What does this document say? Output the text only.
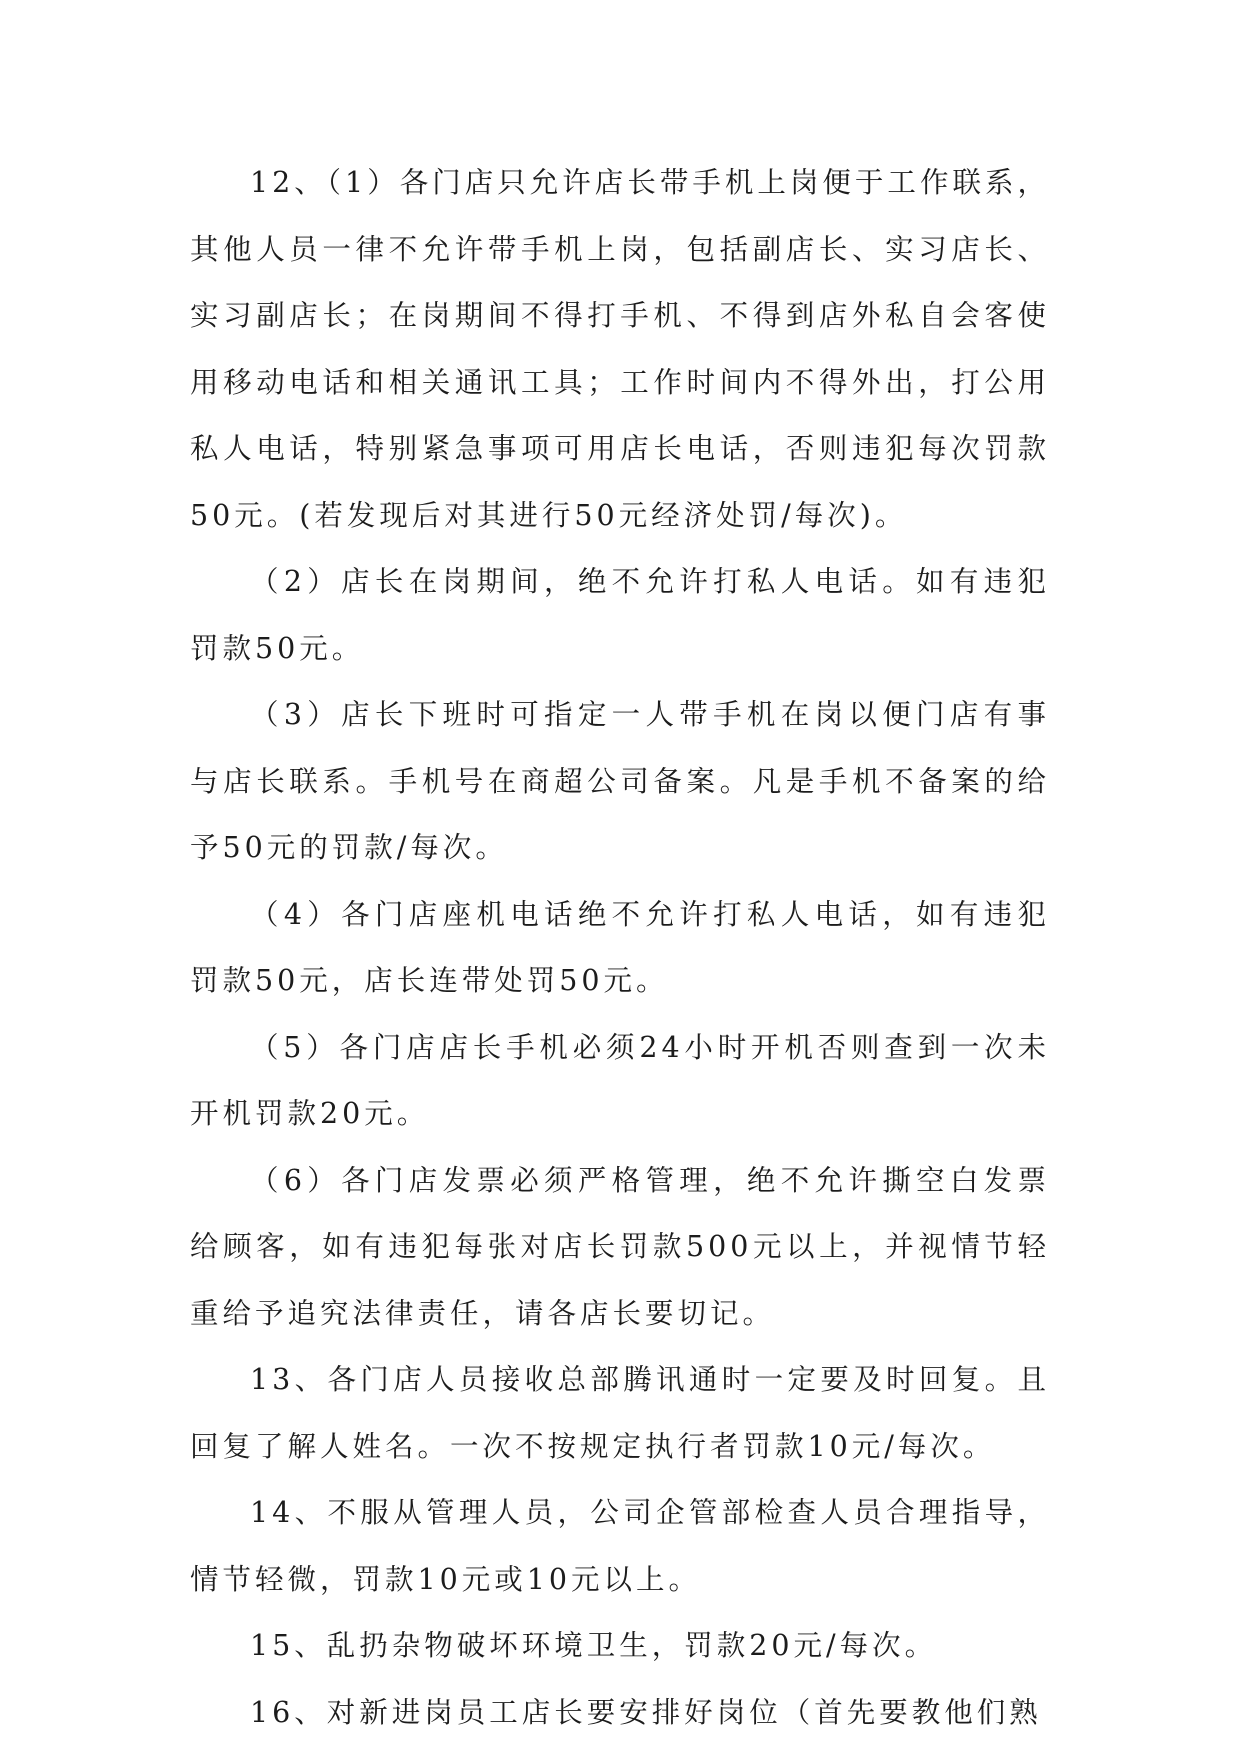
12、（1）各门店只允许店长带手机上岗便于工作联系，其他人员一律不允许带手机上岗，包括副店长、实习店长、实习副店长；在岗期间不得打手机、不得到店外私自会客使用移动电话和相关通讯工具；工作时间内不得外出，打公用私人电话，特别紧急事项可用店长电话，否则违犯每次罚款50元。(若发现后对其进行50元经济处罚/每次)。

（2）店长在岗期间，绝不允许打私人电话。如有违犯罚款50元。

（3）店长下班时可指定一人带手机在岗以便门店有事与店长联系。手机号在商超公司备案。凡是手机不备案的给予50元的罚款/每次。

（4）各门店座机电话绝不允许打私人电话，如有违犯罚款50元，店长连带处罚50元。

（5）各门店店长手机必须24小时开机否则查到一次未开机罚款20元。

（6）各门店发票必须严格管理，绝不允许撕空白发票给顾客，如有违犯每张对店长罚款500元以上，并视情节轻重给予追究法律责任，请各店长要切记。

13、各门店人员接收总部腾讯通时一定要及时回复。且回复了解人姓名。一次不按规定执行者罚款10元/每次。

14、不服从管理人员，公司企管部检查人员合理指导，情节轻微，罚款10元或10元以上。

15、乱扔杂物破坏环境卫生，罚款20元/每次。

16、对新进岗员工店长要安排好岗位（首先要教他们熟
